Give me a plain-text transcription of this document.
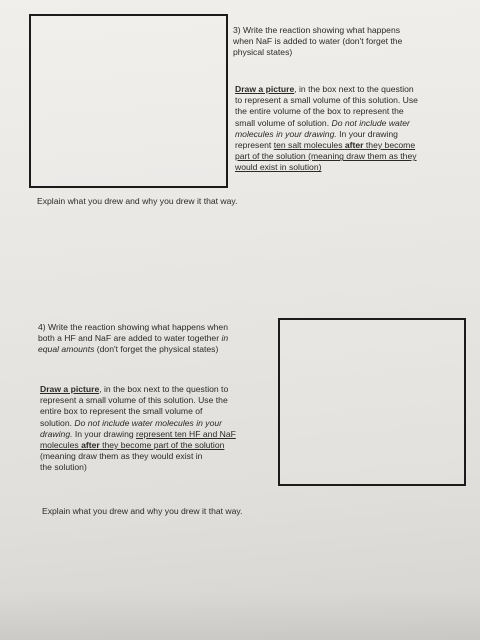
3) Write the reaction showing what happens
when NaF is added to water (don't forget the
physical states)
Draw a picture, in the box next to the question
to represent a small volume of this solution. Use
the entire volume of the box to represent the
small volume of solution. Do not include water
molecules in your drawing. In your drawing
represent ten salt molecules after they become
part of the solution (meaning draw them as they
would exist in solution)
Explain what you drew and why you drew it that way.
4) Write the reaction showing what happens when
both a HF and NaF are added to water together in
equal amounts (don't forget the physical states)
Draw a picture, in the box next to the question to
represent a small volume of this solution. Use the
entire box to represent the small volume of
solution. Do not include water molecules in your
drawing. In your drawing represent ten HF and NaF
molecules after they become part of the solution
(meaning draw them as they would exist in
the solution)
Explain what you drew and why you drew it that way.
